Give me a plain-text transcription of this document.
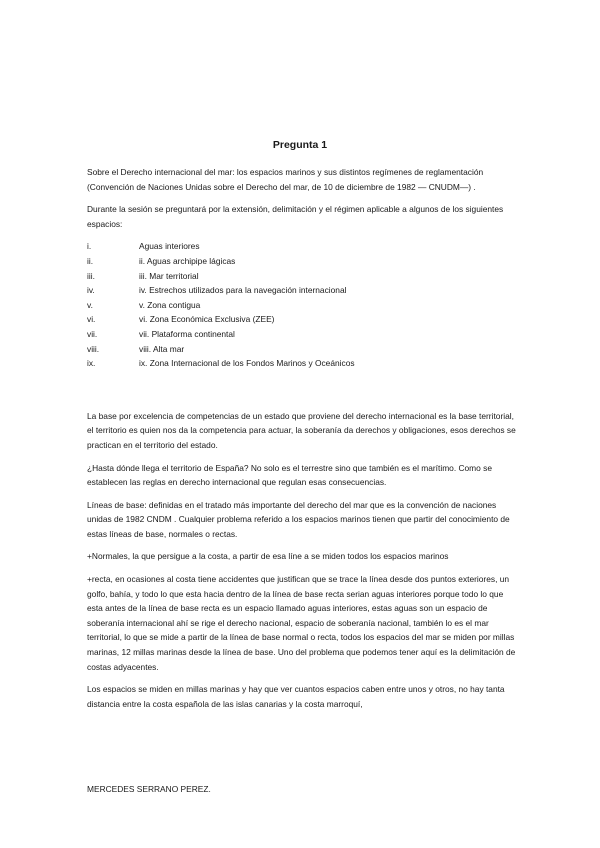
Pregunta 1

Sobre el Derecho internacional del mar: los espacios marinos y sus distintos regímenes de reglamentación (Convención de Naciones Unidas sobre el Derecho del mar, de 10 de diciembre de 1982 — CNUDM—) .

Durante la sesión se preguntará por la extensión, delimitación y el régimen aplicable a algunos de los siguientes espacios:

i.	Aguas interiores
ii.	ii. Aguas archipipe lágicas
iii.	iii. Mar territorial
iv.	iv. Estrechos utilizados para la navegación internacional
v.	v. Zona contigua
vi.	vi. Zona Económica Exclusiva (ZEE)
vii.	vii. Plataforma continental
viii.	viii. Alta mar
ix.	ix. Zona Internacional de los Fondos Marinos y Oceánicos

La base por excelencia de competencias de un estado que proviene del derecho internacional es la base territorial, el territorio es quien nos da la competencia para actuar, la soberanía da derechos y obligaciones, esos derechos se practican en el territorio del estado.

¿Hasta dónde llega el territorio de España? No solo es el terrestre sino que también es el marítimo. Como se establecen las reglas en derecho internacional que regulan esas consecuencias.

Líneas de base: definidas en el tratado más importante del derecho del mar que es la convención de naciones unidas de 1982 CNDM . Cualquier problema referido a los espacios marinos tienen que partir del conocimiento de estas líneas de base, normales o rectas.

+Normales, la que persigue a la costa, a partir de esa líne a se miden todos los espacios marinos

+recta, en ocasiones al costa tiene accidentes que justifican que se trace la línea desde dos puntos exteriores, un golfo, bahía, y todo lo que esta hacia dentro de la línea de base recta serian aguas interiores porque todo lo que esta antes de la línea de base recta es un espacio llamado aguas interiores, estas aguas son un espacio de soberanía internacional ahí se rige el derecho nacional, espacio de soberanía nacional, también lo es el mar territorial, lo que se mide a partir de la línea de base normal o recta, todos los espacios del mar se miden por millas marinas, 12 millas marinas desde la línea de base. Uno del problema que podemos tener aquí es la delimitación de costas adyacentes.

Los espacios se miden en millas marinas y hay que ver cuantos espacios caben entre unos y otros, no hay tanta distancia entre la costa española de las islas canarias y la costa marroquí,

MERCEDES SERRANO PEREZ.
